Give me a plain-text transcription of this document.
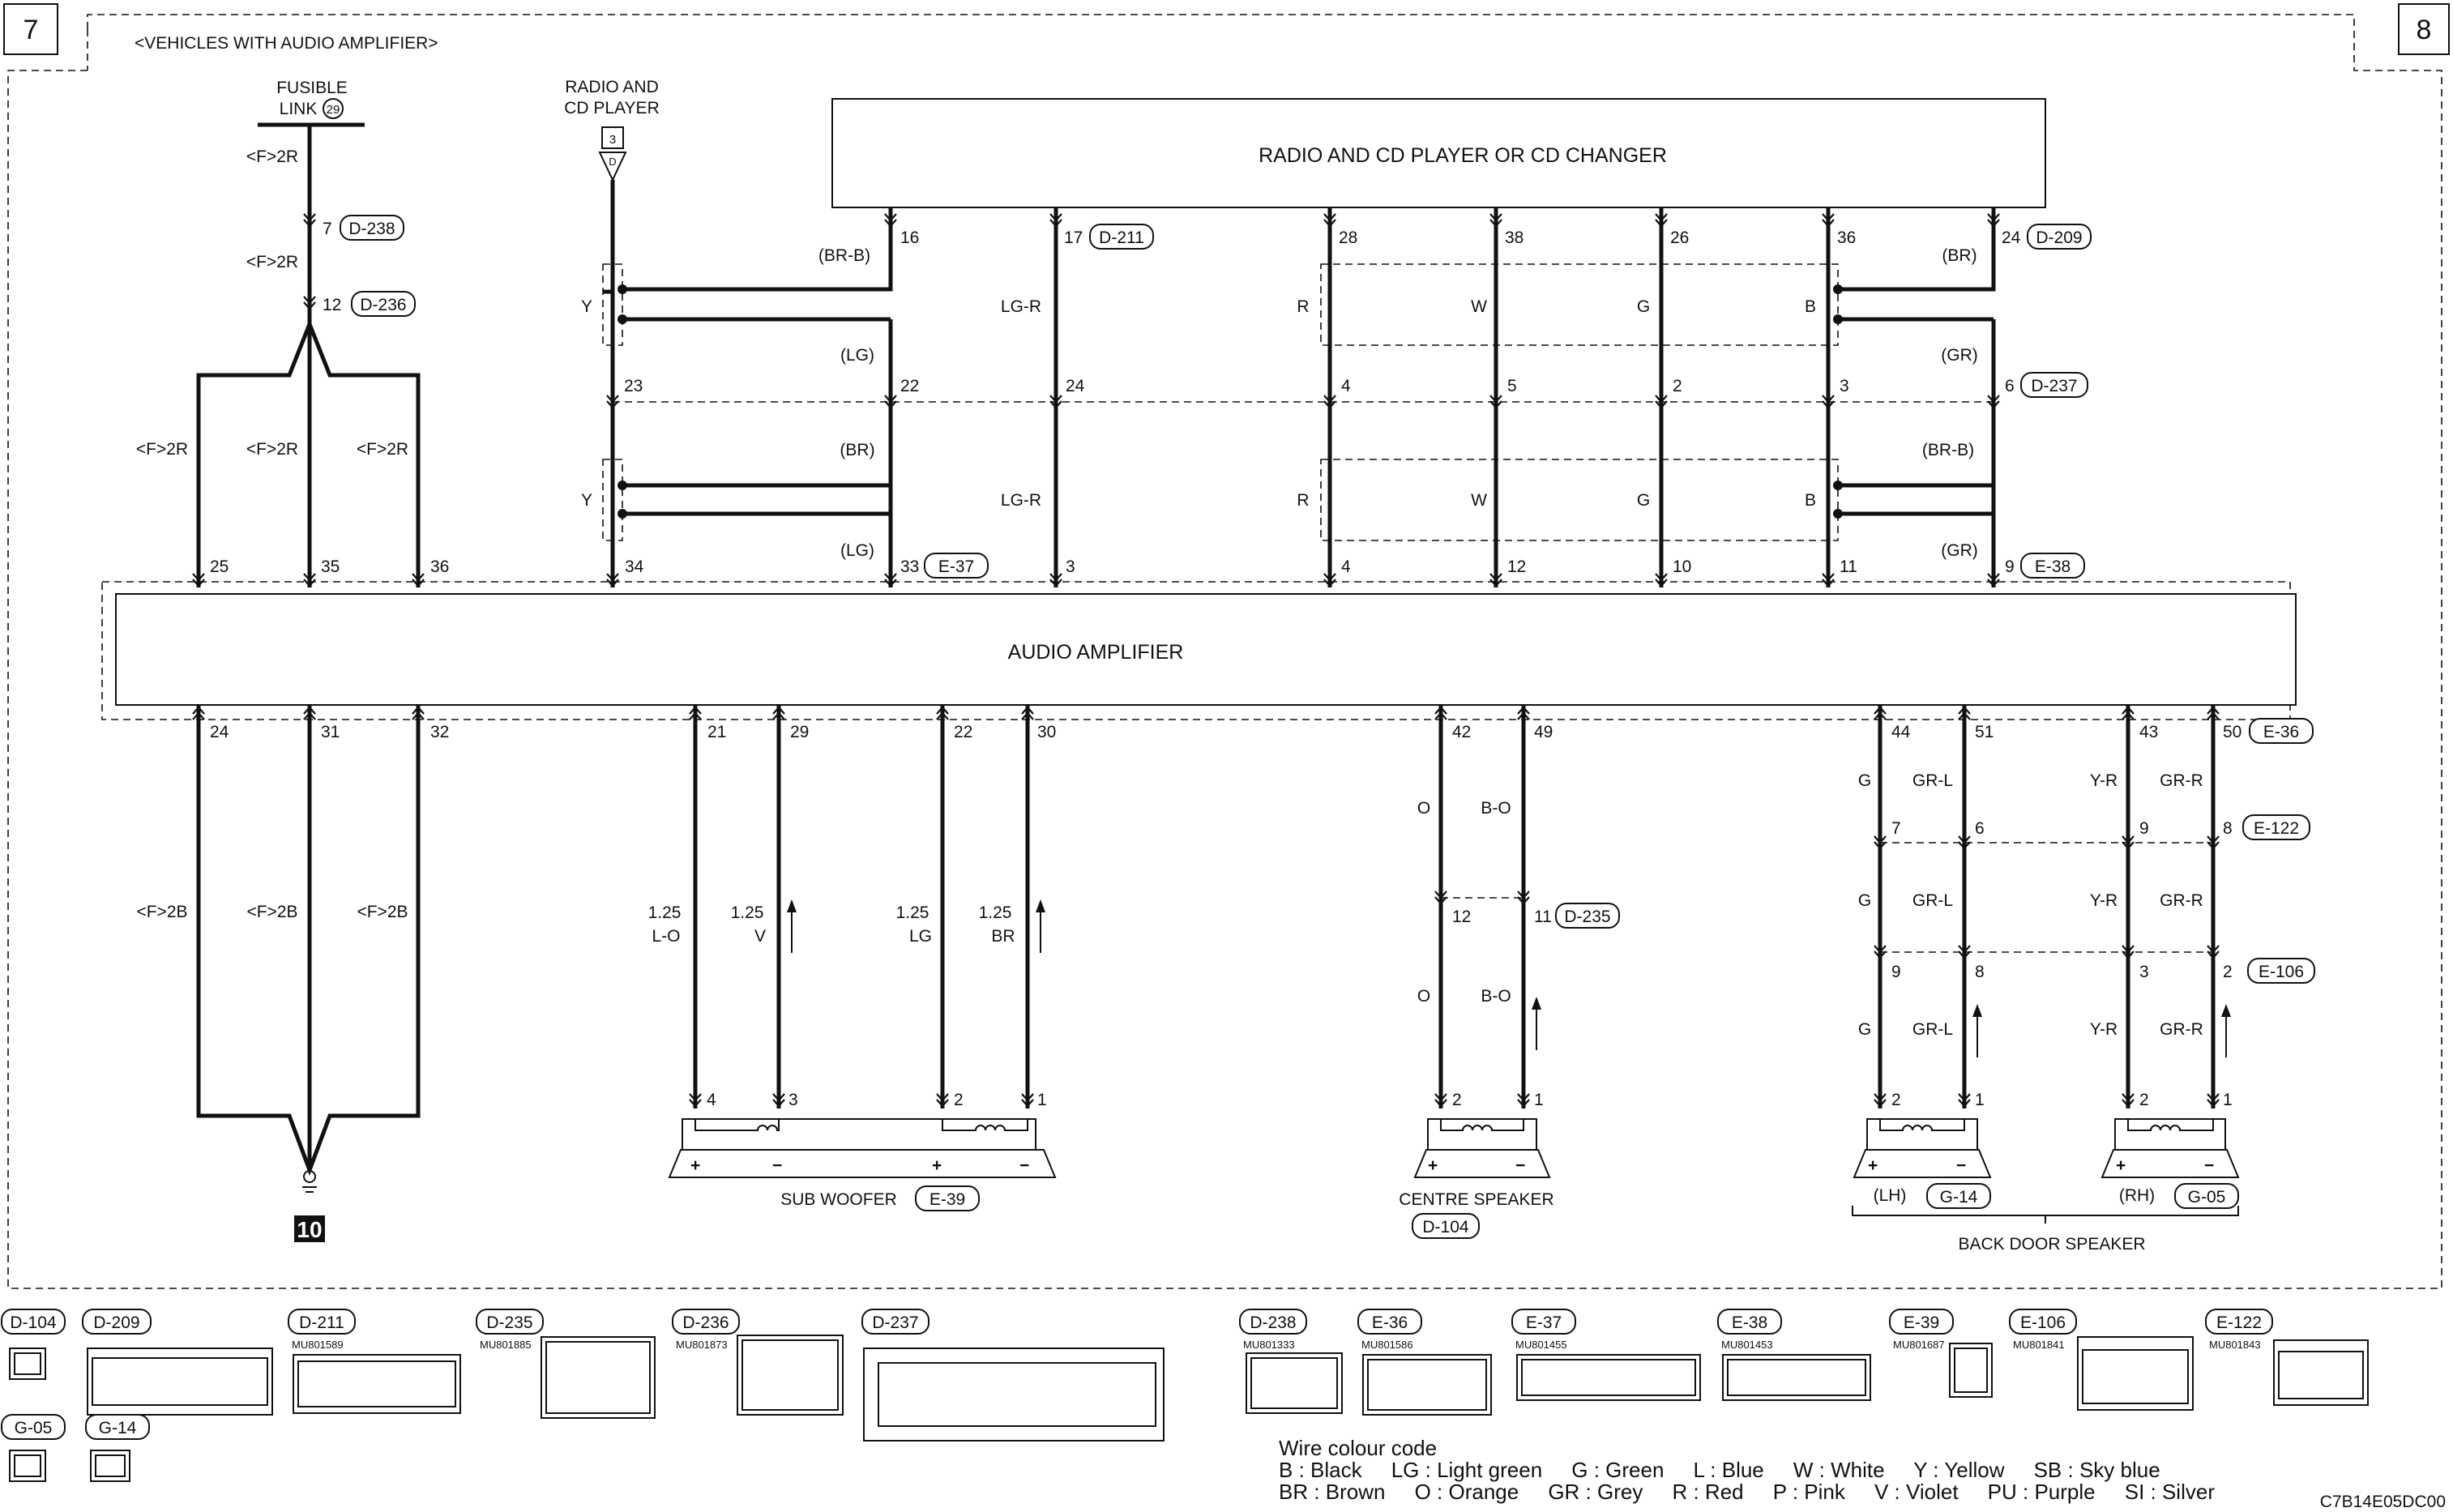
7	8
<VEHICLES WITH AUDIO AMPLIFIER>
FUSIBLE
LINK 29
<F>2R
7 D-238
<F>2R
12 D-236
<F>2R	<F>2R	<F>2R
RADIO AND
CD PLAYER
3
D	RADIO AND CD PLAYER OR CD CHANGER
16	17 D-211	28	38	26	36	24 D-209
23	22	24	4	5	2	3	6 D-237
25	35	36	34	33 E-37	3	4	12	10	11	9 E-38
Y
(BR-B)
(LG)
(BR)
Y
(LG)
LG-R
LG-R
R	W	G	B
R	W	G	B
(BR)
(GR)
(BR-B)
(GR)
AUDIO AMPLIFIER
24	31	32
<F>2B	<F>2B	<F>2B
10
21	29	22	30
1.25
L-O
1.25
V
1.25
LG
1.25
BR
4	3	2	1
+	−	+	−
SUB WOOFER E-39
42	49
O	B-O
12	11 D-235
O	B-O
2	1
+	−
CENTRE SPEAKER
D-104
44	51	43	50 E-36
G GR-L	Y-R GR-R
7	6	9	8 E-122
G GR-L	Y-R GR-R
9	8	3	2 E-106
G GR-L	Y-R GR-R
2	1	2	1
+	−	+	−
(LH) G-14	(RH) G-05
BACK DOOR SPEAKER
D-104 D-209	D-211
MU801589
D-235
MU801885
D-236
MU801873
D-237
G-05	G-14
D-238
MU801333
E-36
MU801586
E-37
MU801455
E-38
MU801453
E-39
MU801687
E-106
MU801841
E-122
MU801843
Wire colour code
B : Black     LG : Light green     G : Green     L : Blue     W : White     Y : Yellow     SB : Sky blue
BR : Brown     O : Orange     GR : Grey     R : Red     P : Pink     V : Violet     PU : Purple     SI : Silver	C7B14E05DC00
